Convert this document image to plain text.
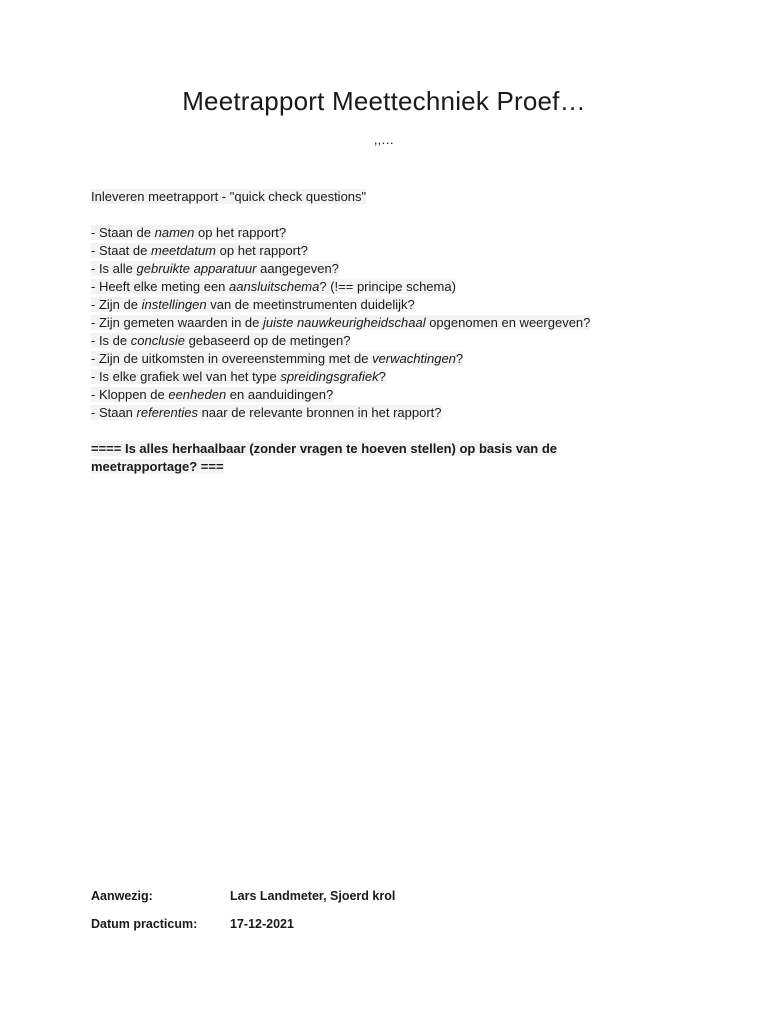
Meetrapport Meettechniek Proef…

,,…

Inleveren meetrapport - "quick check questions"

- Staan de namen op het rapport?
- Staat de meetdatum op het rapport?
- Is alle gebruikte apparatuur aangegeven?
- Heeft elke meting een aansluitschema? (!== principe schema)
- Zijn de instellingen van de meetinstrumenten duidelijk?
- Zijn gemeten waarden in de juiste nauwkeurigheidschaal opgenomen en weergeven?
- Is de conclusie gebaseerd op de metingen?
- Zijn de uitkomsten in overeenstemming met de verwachtingen?
- Is elke grafiek wel van het type spreidingsgrafiek?
- Kloppen de eenheden en aanduidingen?
- Staan referenties naar de relevante bronnen in het rapport?

==== Is alles herhaalbaar (zonder vragen te hoeven stellen) op basis van de meetrapportage? ===

Aanwezig:	Lars Landmeter, Sjoerd krol
Datum practicum:	17-12-2021
